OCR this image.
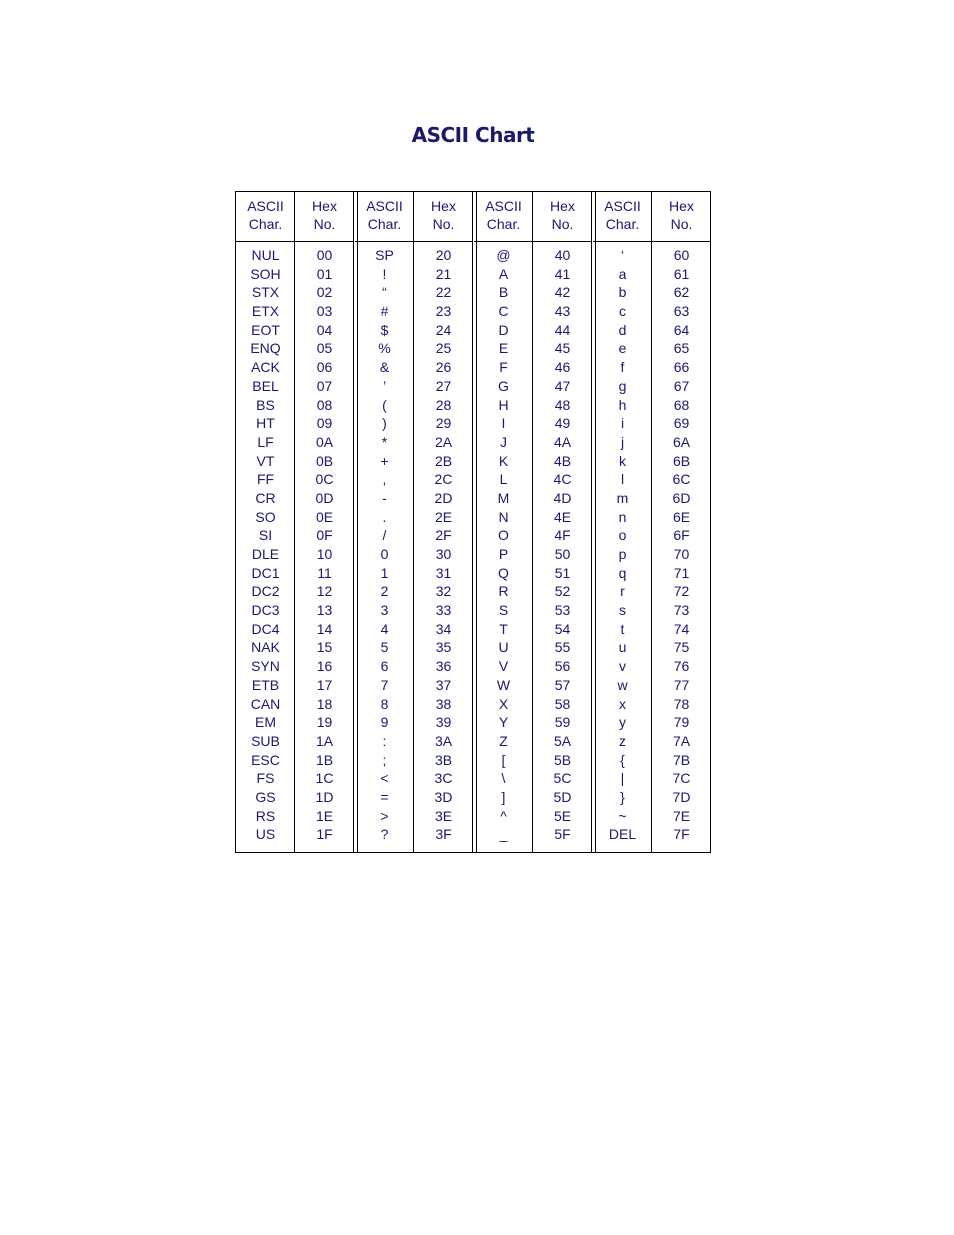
ASCII Chart
ASCII
Char.
NUL
SOH
STX
ETX
EOT
ENQ
ACK
BEL
BS
HT
LF
VT
FF
CR
SO
SI
DLE
DC1
DC2
DC3
DC4
NAK
SYN
ETB
CAN
EM
SUB
ESC
FS
GS
RS
US
Hex
No.
00
01
02
03
04
05
06
07
08
09
0A
0B
0C
0D
0E
0F
10
11
12
13
14
15
16
17
18
19
1A
1B
1C
1D
1E
1F
ASCII
Char.
SP
!
“
#
$
%
&
’
(
)
*
+
,
-
.
/
0
1
2
3
4
5
6
7
8
9
:
;
<
=
>
?
Hex
No.
20
21
22
23
24
25
26
27
28
29
2A
2B
2C
2D
2E
2F
30
31
32
33
34
35
36
37
38
39
3A
3B
3C
3D
3E
3F
ASCII
Char.
@
A
B
C
D
E
F
G
H
I
J
K
L
M
N
O
P
Q
R
S
T
U
V
W
X
Y
Z
[
\
]
^
_
Hex
No.
40
41
42
43
44
45
46
47
48
49
4A
4B
4C
4D
4E
4F
50
51
52
53
54
55
56
57
58
59
5A
5B
5C
5D
5E
5F
ASCII
Char.
‘
a
b
c
d
e
f
g
h
i
j
k
l
m
n
o
p
q
r
s
t
u
v
w
x
y
z
{
|
}
~
DEL
Hex
No.
60
61
62
63
64
65
66
67
68
69
6A
6B
6C
6D
6E
6F
70
71
72
73
74
75
76
77
78
79
7A
7B
7C
7D
7E
7F
